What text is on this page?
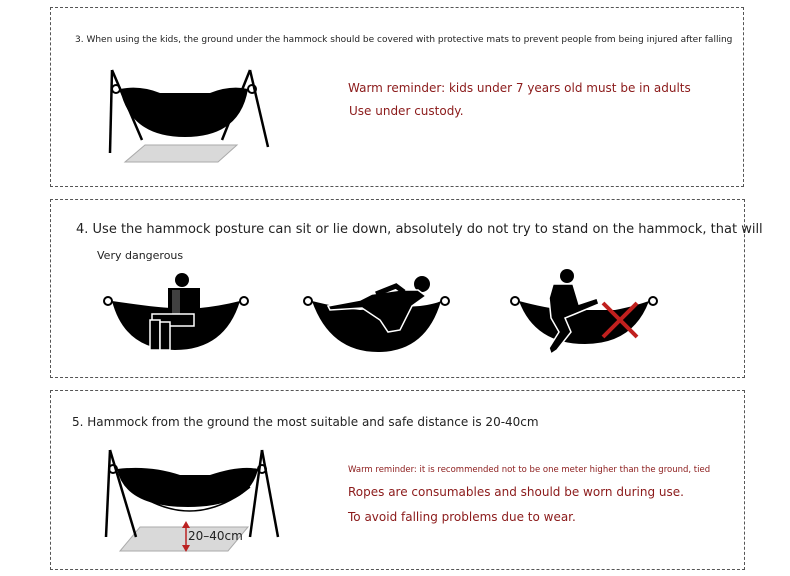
3. When using the kids, the ground under the hammock should be covered with protective mats to prevent people from being injured after falling
Warm reminder: kids under 7 years old must be in adults
Use under custody.
4. Use the hammock posture can sit or lie down, absolutely do not try to stand on the hammock, that will
Very dangerous
5. Hammock from the ground the most suitable and safe distance is 20-40cm
20–40cm
Warm reminder: it is recommended not to be one meter higher than the ground, tied
Ropes are consumables and should be worn during use.
To avoid falling problems due to wear.
